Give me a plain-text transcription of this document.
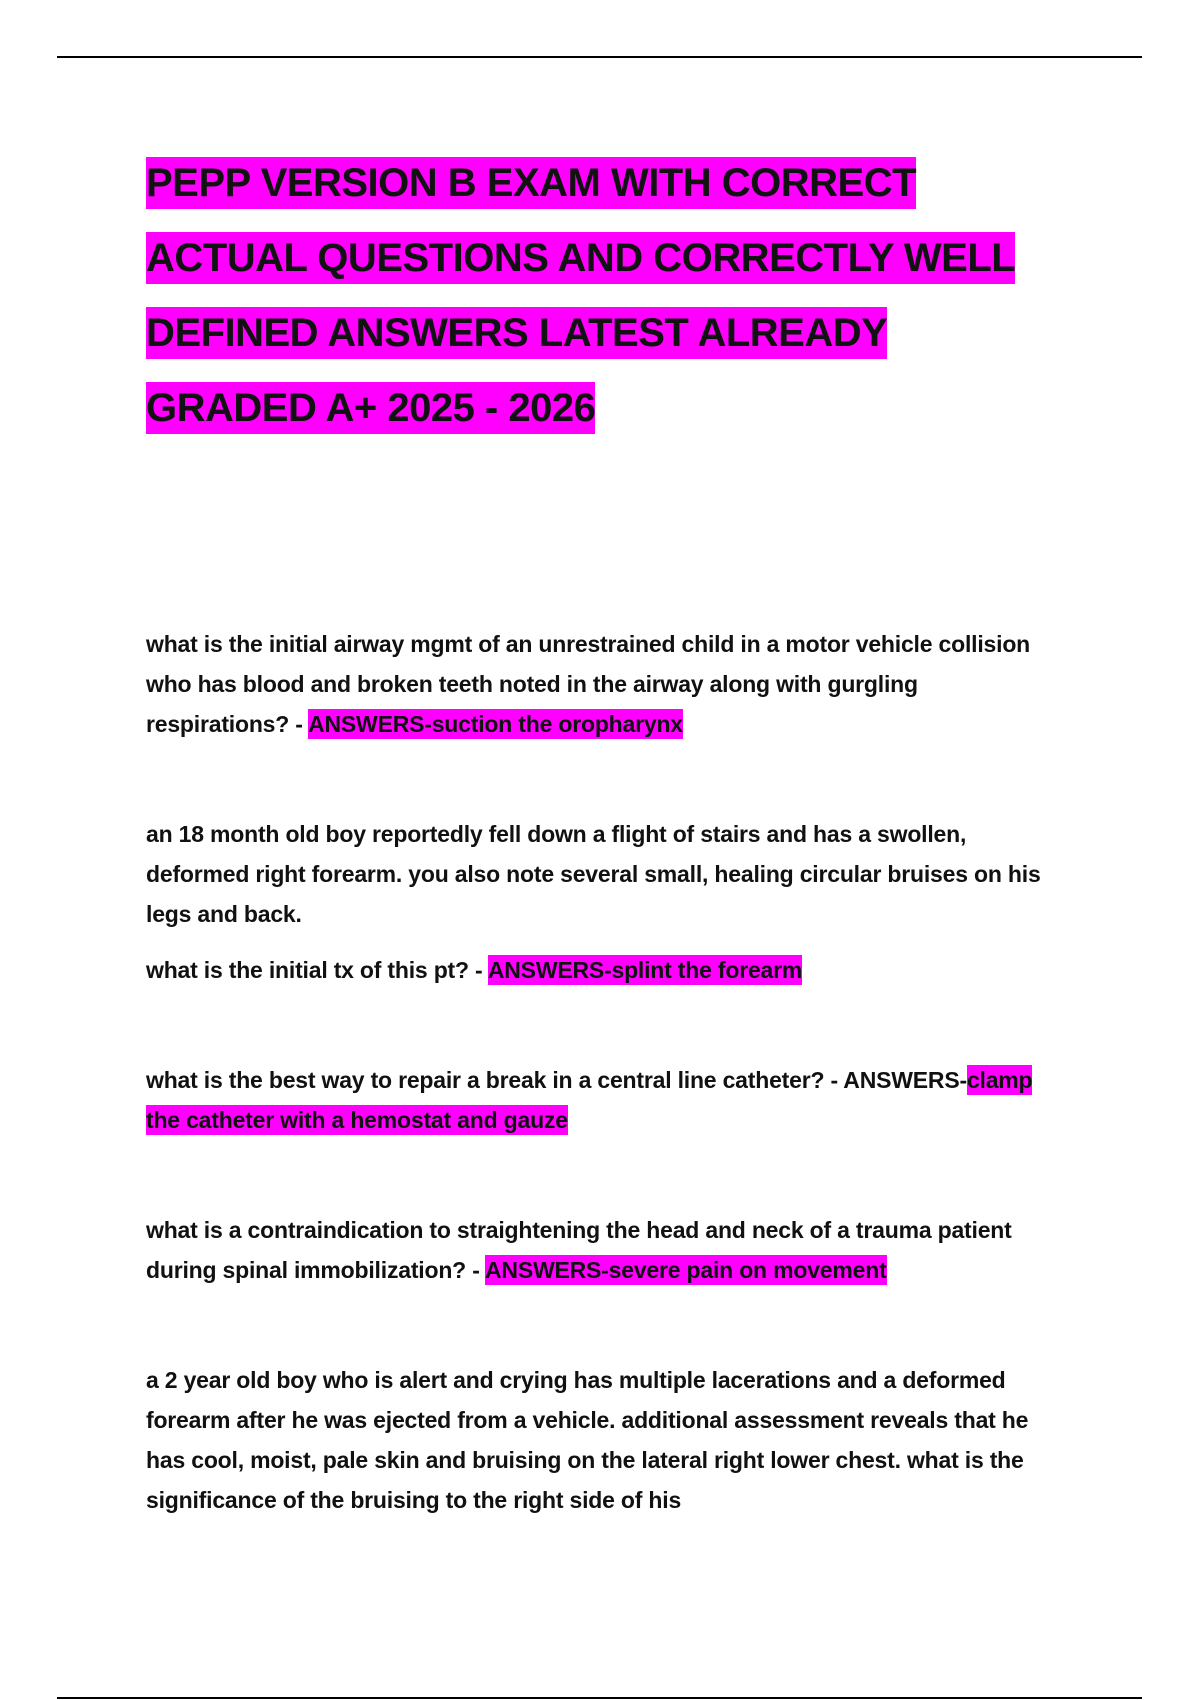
PEPP VERSION B EXAM WITH CORRECT ACTUAL QUESTIONS AND CORRECTLY WELL DEFINED ANSWERS LATEST ALREADY GRADED A+ 2025 - 2026

what is the initial airway mgmt of an unrestrained child in a motor vehicle collision who has blood and broken teeth noted in the airway along with gurgling respirations? - ANSWERS-suction the oropharynx

an 18 month old boy reportedly fell down a flight of stairs and has a swollen, deformed right forearm. you also note several small, healing circular bruises on his legs and back.

what is the initial tx of this pt? - ANSWERS-splint the forearm

what is the best way to repair a break in a central line catheter? - ANSWERS-clamp the catheter with a hemostat and gauze

what is a contraindication to straightening the head and neck of a trauma patient during spinal immobilization? - ANSWERS-severe pain on movement

a 2 year old boy who is alert and crying has multiple lacerations and a deformed forearm after he was ejected from a vehicle. additional assessment reveals that he has cool, moist, pale skin and bruising on the lateral right lower chest. what is the significance of the bruising to the right side of his
